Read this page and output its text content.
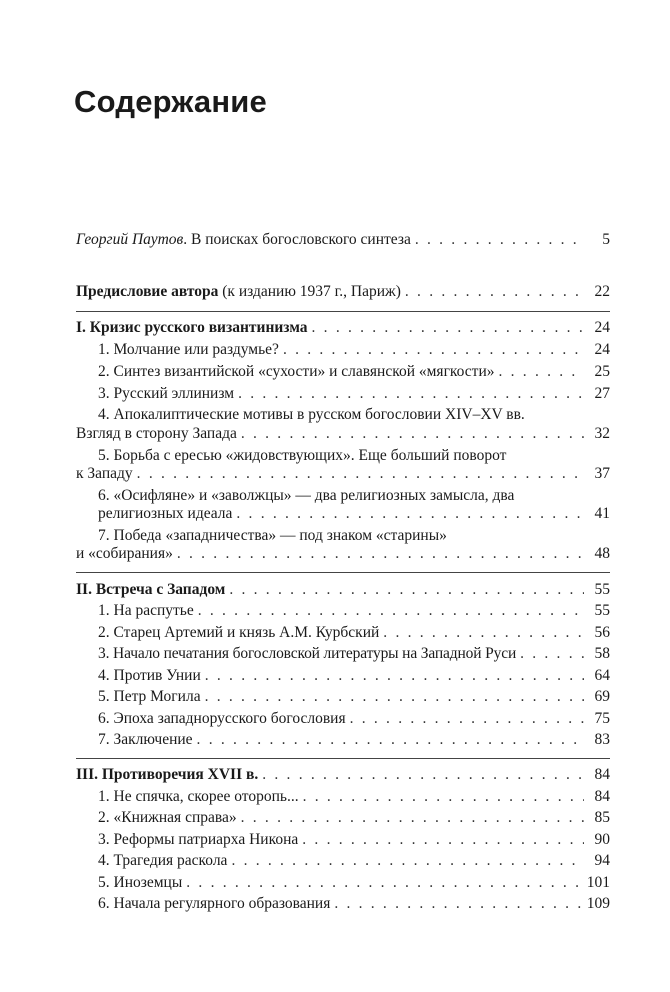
Содержание
Георгий Паутов. В поисках богословского синтеза . . .	5
Предисловие автора (к изданию 1937 г., Париж) . . .	22
I. Кризис русского византинизма . . .	24
1. Молчание или раздумье? . . .	24
2. Синтез византийской «сухости» и славянской «мягкости» . . .	25
3. Русский эллинизм . . .	27
4. Апокалиптические мотивы в русском богословии XIV–XV вв.
Взгляд в сторону Запада . . .	32
5. Борьба с ересью «жидовствующих». Еще больший поворот
к Западу . . .	37
6. «Осифляне» и «заволжцы» — два религиозных замысла, два
религиозных идеала . . .	41
7. Победа «западничества» — под знаком «старины»
и «собирания» . . .	48
II. Встреча с Западом . . .	55
1. На распутье . . .	55
2. Старец Артемий и князь А.М. Курбский . . .	56
3. Начало печатания богословской литературы на Западной Руси . . .	58
4. Против Унии . . .	64
5. Петр Могила . . .	69
6. Эпоха западнорусского богословия . . .	75
7. Заключение . . .	83
III. Противоречия XVII в. . . .	84
1. Не спячка, скорее оторопь... . . .	84
2. «Книжная справа» . . .	85
3. Реформы патриарха Никона . . .	90
4. Трагедия раскола . . .	94
5. Иноземцы . . .	101
6. Начала регулярного образования . . .	109
